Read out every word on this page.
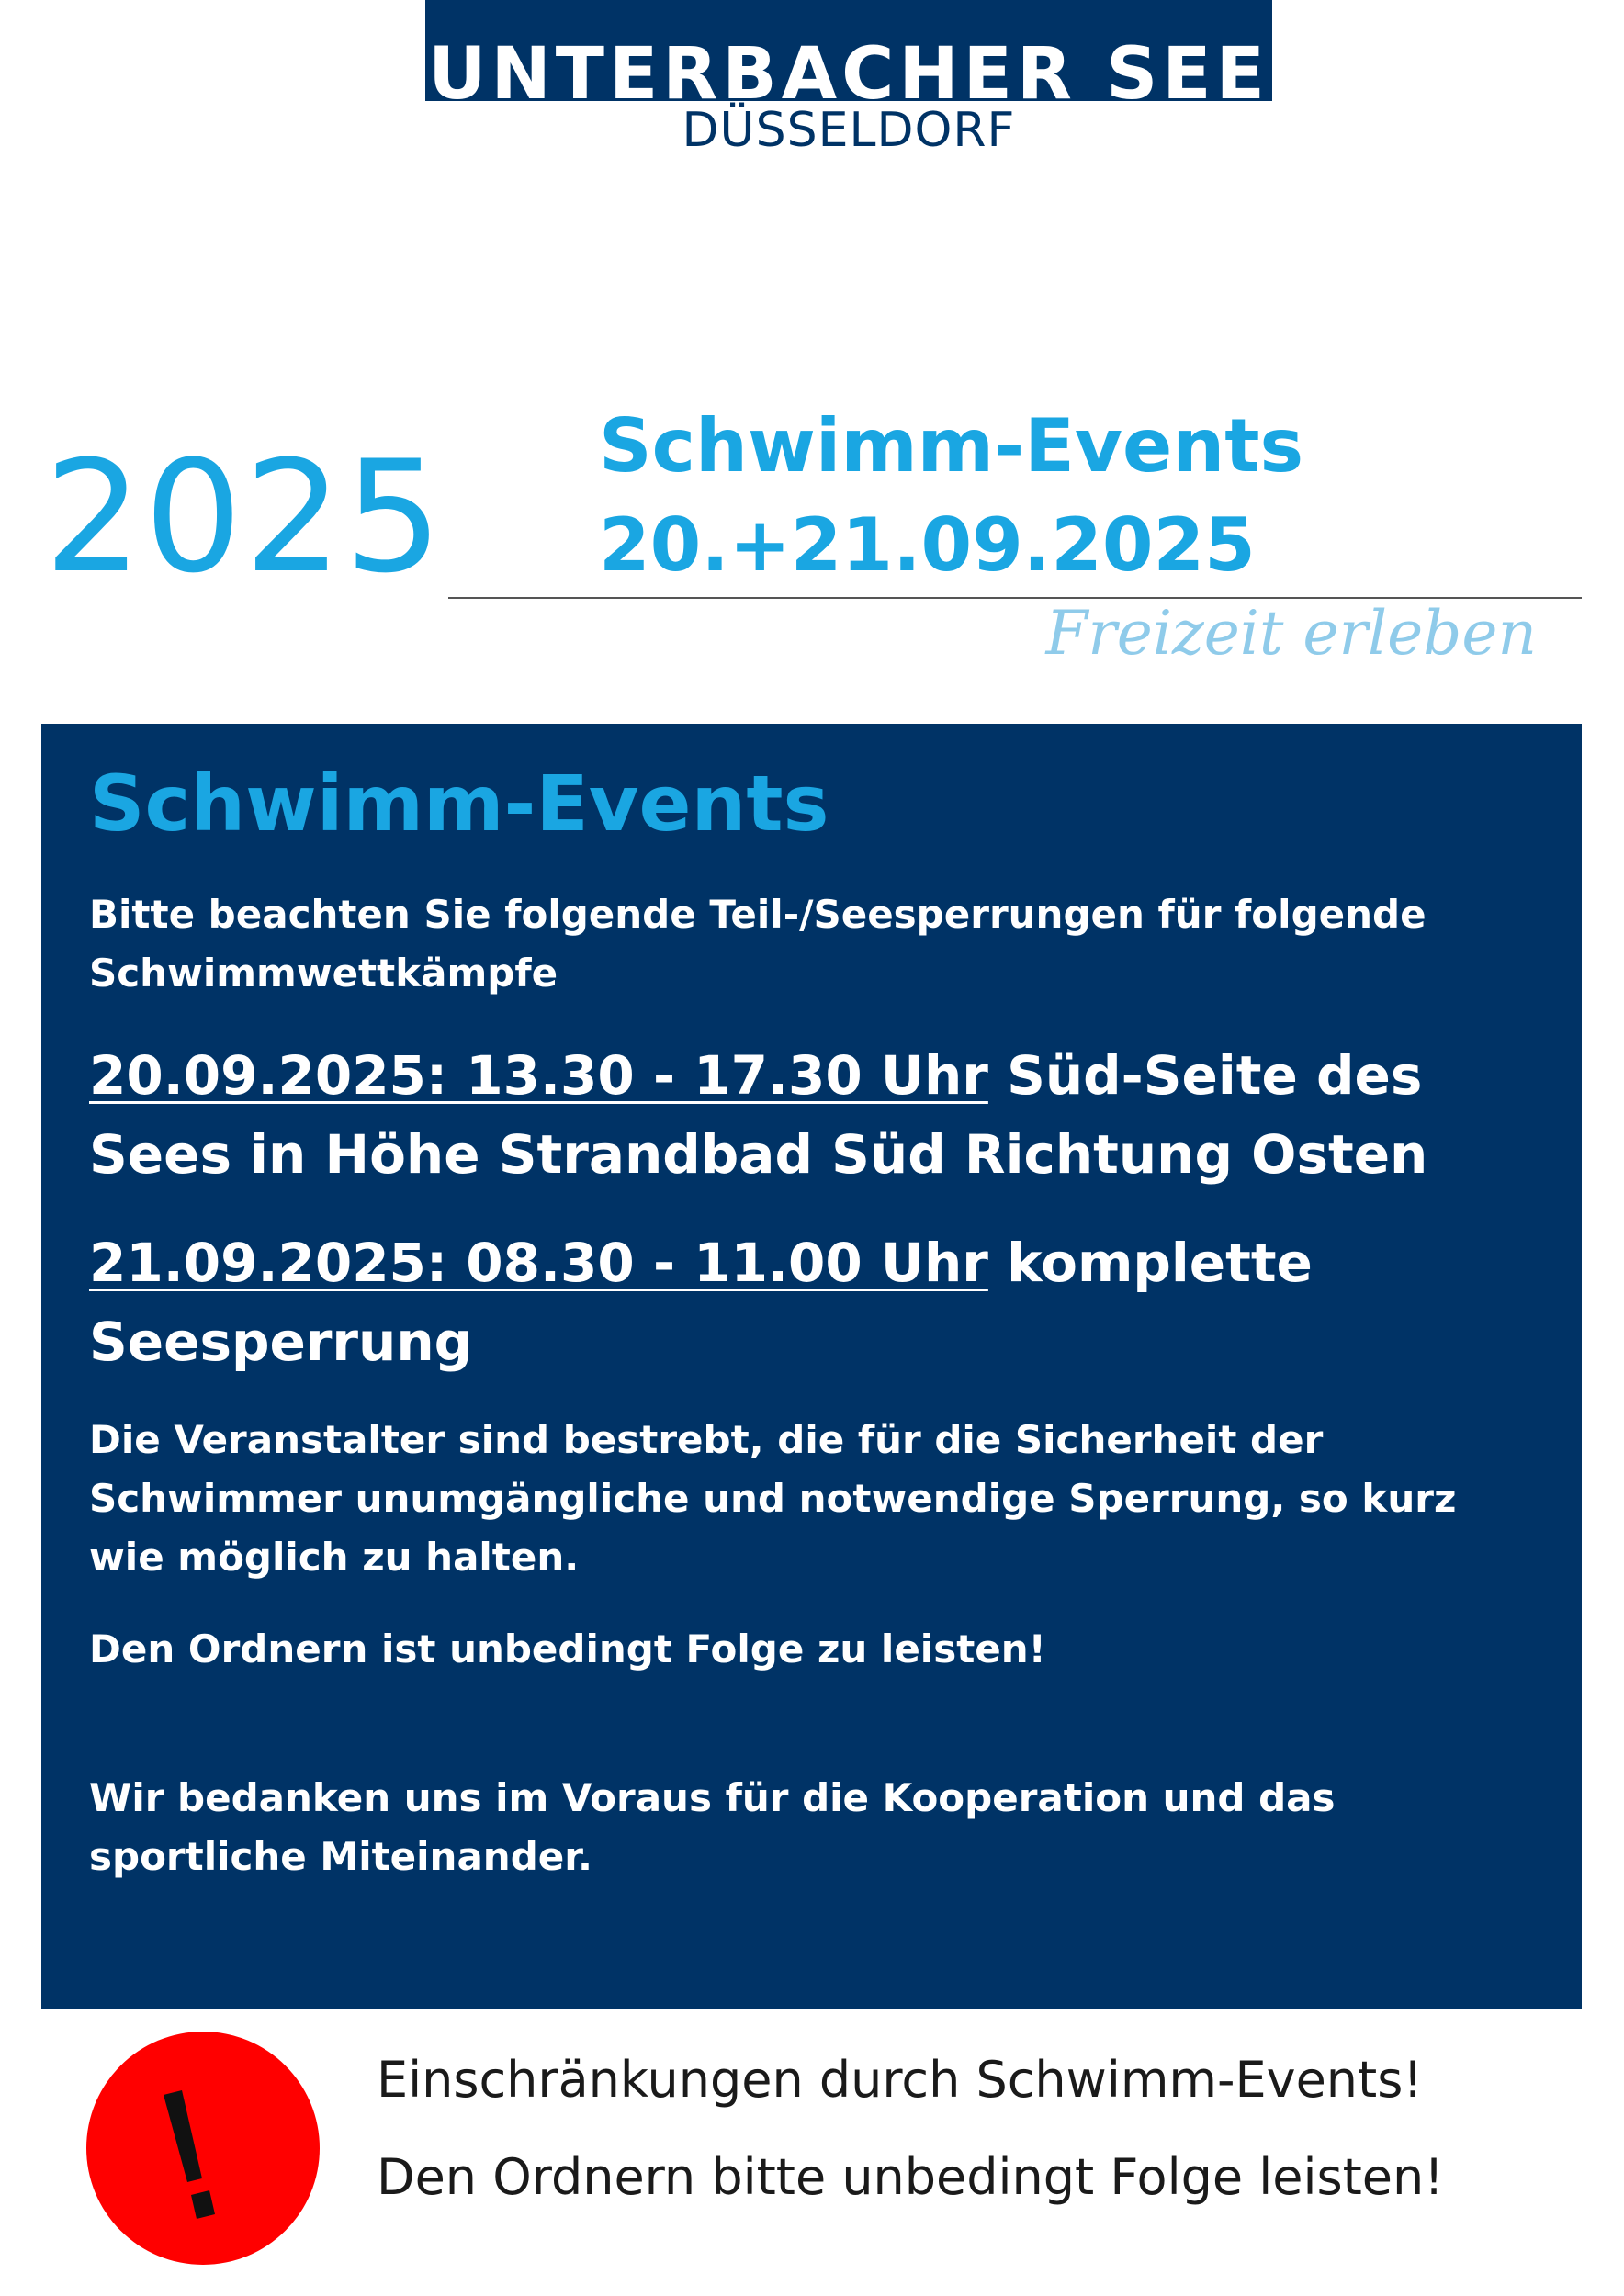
UNTERBACHER SEE
DÜSSELDORF
2025 Schwimm-Events
20.+21.09.2025
Freizeit erleben
Schwimm-Events

Bitte beachten Sie folgende Teil-/Seesperrungen für folgende Schwimmwettkämpfe

20.09.2025: 13.30 - 17.30 Uhr Süd-Seite des Sees in Höhe Strandbad Süd Richtung Osten

21.09.2025: 08.30 - 11.00 Uhr komplette Seesperrung

Die Veranstalter sind bestrebt, die für die Sicherheit der Schwimmer unumgängliche und notwendige Sperrung, so kurz wie möglich zu halten.

Den Ordnern ist unbedingt Folge zu leisten!

Wir bedanken uns im Voraus für die Kooperation und das sportliche Miteinander.

Einschränkungen durch Schwimm-Events!
Den Ordnern bitte unbedingt Folge leisten!
